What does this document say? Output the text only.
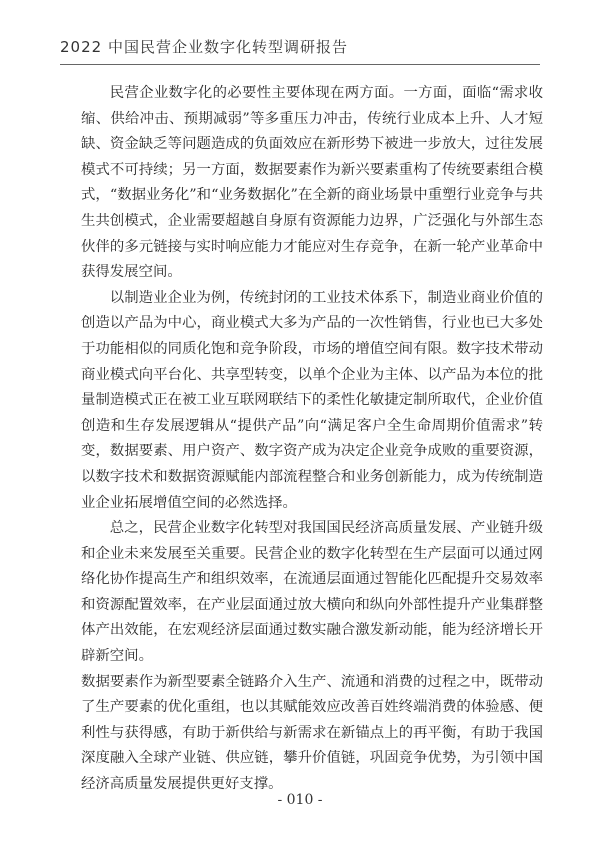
2022 中国民营企业数字化转型调研报告

民营企业数字化的必要性主要体现在两方面。一方面，面临“需求收缩、供给冲击、预期减弱”等多重压力冲击，传统行业成本上升、人才短缺、资金缺乏等问题造成的负面效应在新形势下被进一步放大，过往发展模式不可持续；另一方面，数据要素作为新兴要素重构了传统要素组合模式，“数据业务化”和“业务数据化”在全新的商业场景中重塑行业竞争与共生共创模式，企业需要超越自身原有资源能力边界，广泛强化与外部生态伙伴的多元链接与实时响应能力才能应对生存竞争，在新一轮产业革命中获得发展空间。

以制造业企业为例，传统封闭的工业技术体系下，制造业商业价值的创造以产品为中心，商业模式大多为产品的一次性销售，行业也已大多处于功能相似的同质化饱和竞争阶段，市场的增值空间有限。数字技术带动商业模式向平台化、共享型转变，以单个企业为主体、以产品为本位的批量制造模式正在被工业互联网联结下的柔性化敏捷定制所取代，企业价值创造和生存发展逻辑从“提供产品”向“满足客户全生命周期价值需求”转变，数据要素、用户资产、数字资产成为决定企业竞争成败的重要资源，以数字技术和数据资源赋能内部流程整合和业务创新能力，成为传统制造业企业拓展增值空间的必然选择。

总之，民营企业数字化转型对我国国民经济高质量发展、产业链升级和企业未来发展至关重要。民营企业的数字化转型在生产层面可以通过网络化协作提高生产和组织效率，在流通层面通过智能化匹配提升交易效率和资源配置效率，在产业层面通过放大横向和纵向外部性提升产业集群整体产出效能，在宏观经济层面通过数实融合激发新动能，能为经济增长开辟新空间。

数据要素作为新型要素全链路介入生产、流通和消费的过程之中，既带动了生产要素的优化重组，也以其赋能效应改善百姓终端消费的体验感、便利性与获得感，有助于新供给与新需求在新锚点上的再平衡，有助于我国深度融入全球产业链、供应链，攀升价值链，巩固竞争优势，为引领中国经济高质量发展提供更好支撑。

- 010 -
